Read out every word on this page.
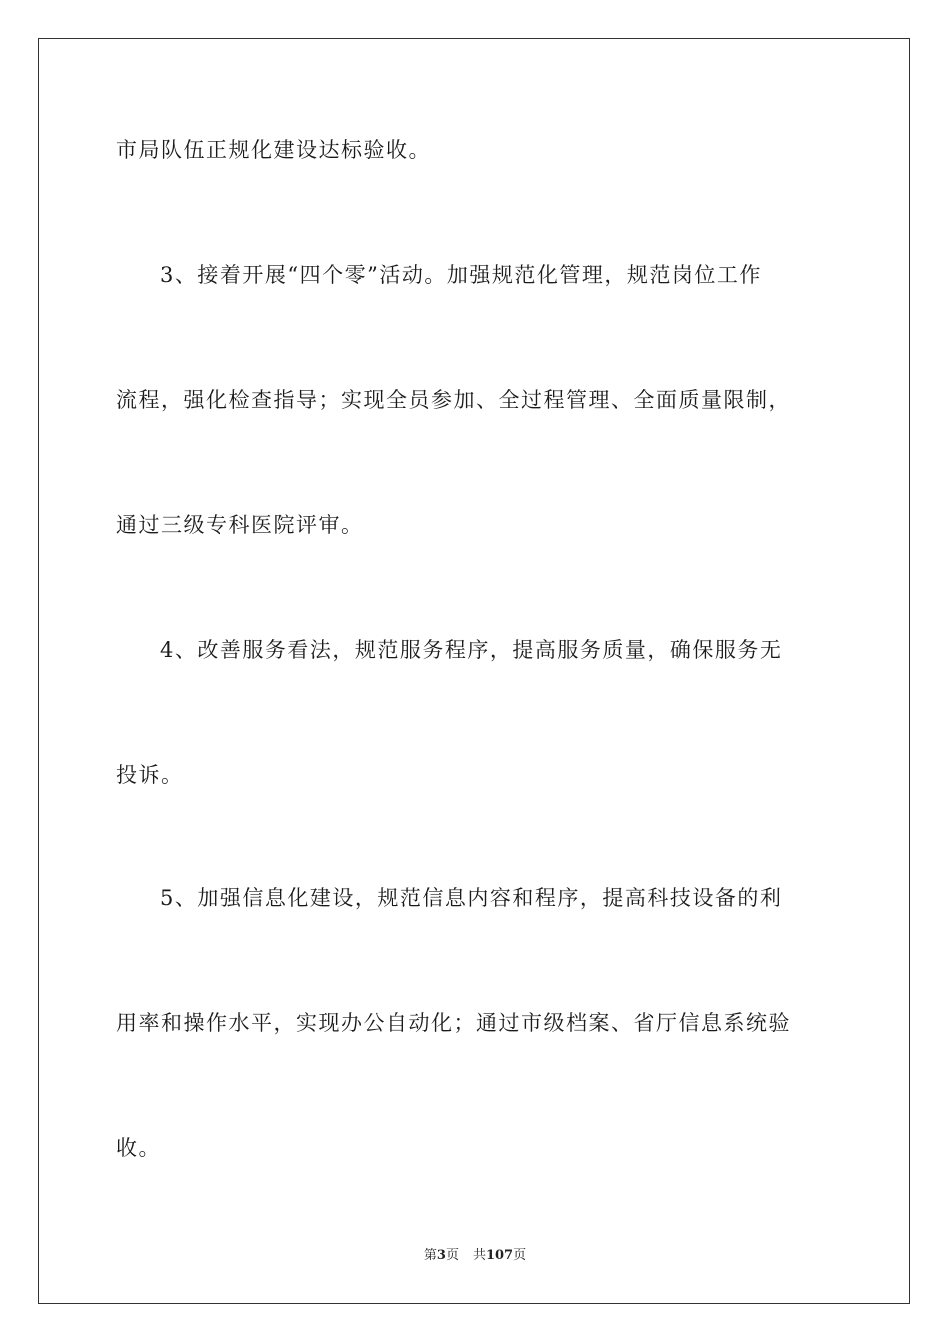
市局队伍正规化建设达标验收。
3、接着开展“四个零”活动。加强规范化管理，规范岗位工作
流程，强化检查指导；实现全员参加、全过程管理、全面质量限制，
通过三级专科医院评审。
4、改善服务看法，规范服务程序，提高服务质量，确保服务无
投诉。
5、加强信息化建设，规范信息内容和程序，提高科技设备的利
用率和操作水平，实现办公自动化；通过市级档案、省厅信息系统验
收。
第3页 共107页
